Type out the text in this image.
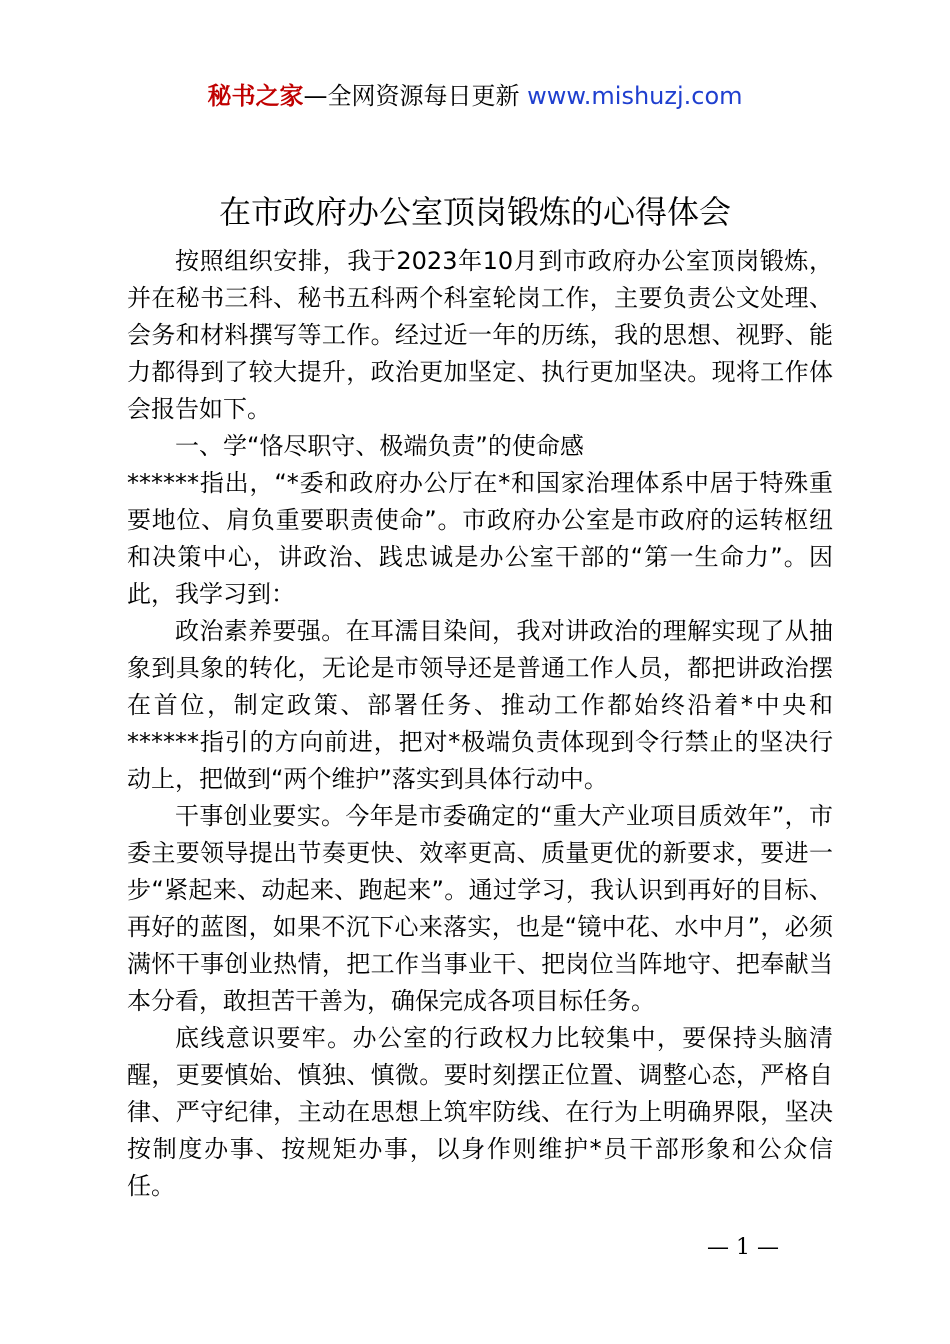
秘书之家—全网资源每日更新 www.mishuzj.com
在市政府办公室顶岗锻炼的心得体会

按照组织安排，我于2023年10月到市政府办公室顶岗锻炼，并在秘书三科、秘书五科两个科室轮岗工作，主要负责公文处理、会务和材料撰写等工作。经过近一年的历练，我的思想、视野、能力都得到了较大提升，政治更加坚定、执行更加坚决。现将工作体会报告如下。

一、学“恪尽职守、极端负责”的使命感

******指出，“*委和政府办公厅在*和国家治理体系中居于特殊重要地位、肩负重要职责使命”。市政府办公室是市政府的运转枢纽和决策中心，讲政治、践忠诚是办公室干部的“第一生命力”。因此，我学习到：

政治素养要强。在耳濡目染间，我对讲政治的理解实现了从抽象到具象的转化，无论是市领导还是普通工作人员，都把讲政治摆在首位，制定政策、部署任务、推动工作都始终沿着*中央和******指引的方向前进，把对*极端负责体现到令行禁止的坚决行动上，把做到“两个维护”落实到具体行动中。

干事创业要实。今年是市委确定的“重大产业项目质效年”，市委主要领导提出节奏更快、效率更高、质量更优的新要求，要进一步“紧起来、动起来、跑起来”。通过学习，我认识到再好的目标、再好的蓝图，如果不沉下心来落实，也是“镜中花、水中月”，必须满怀干事创业热情，把工作当事业干、把岗位当阵地守、把奉献当本分看，敢担苦干善为，确保完成各项目标任务。

底线意识要牢。办公室的行政权力比较集中，要保持头脑清醒，更要慎始、慎独、慎微。要时刻摆正位置、调整心态，严格自律、严守纪律，主动在思想上筑牢防线、在行为上明确界限，坚决按制度办事、按规矩办事，以身作则维护*员干部形象和公众信任。

— 1 —
